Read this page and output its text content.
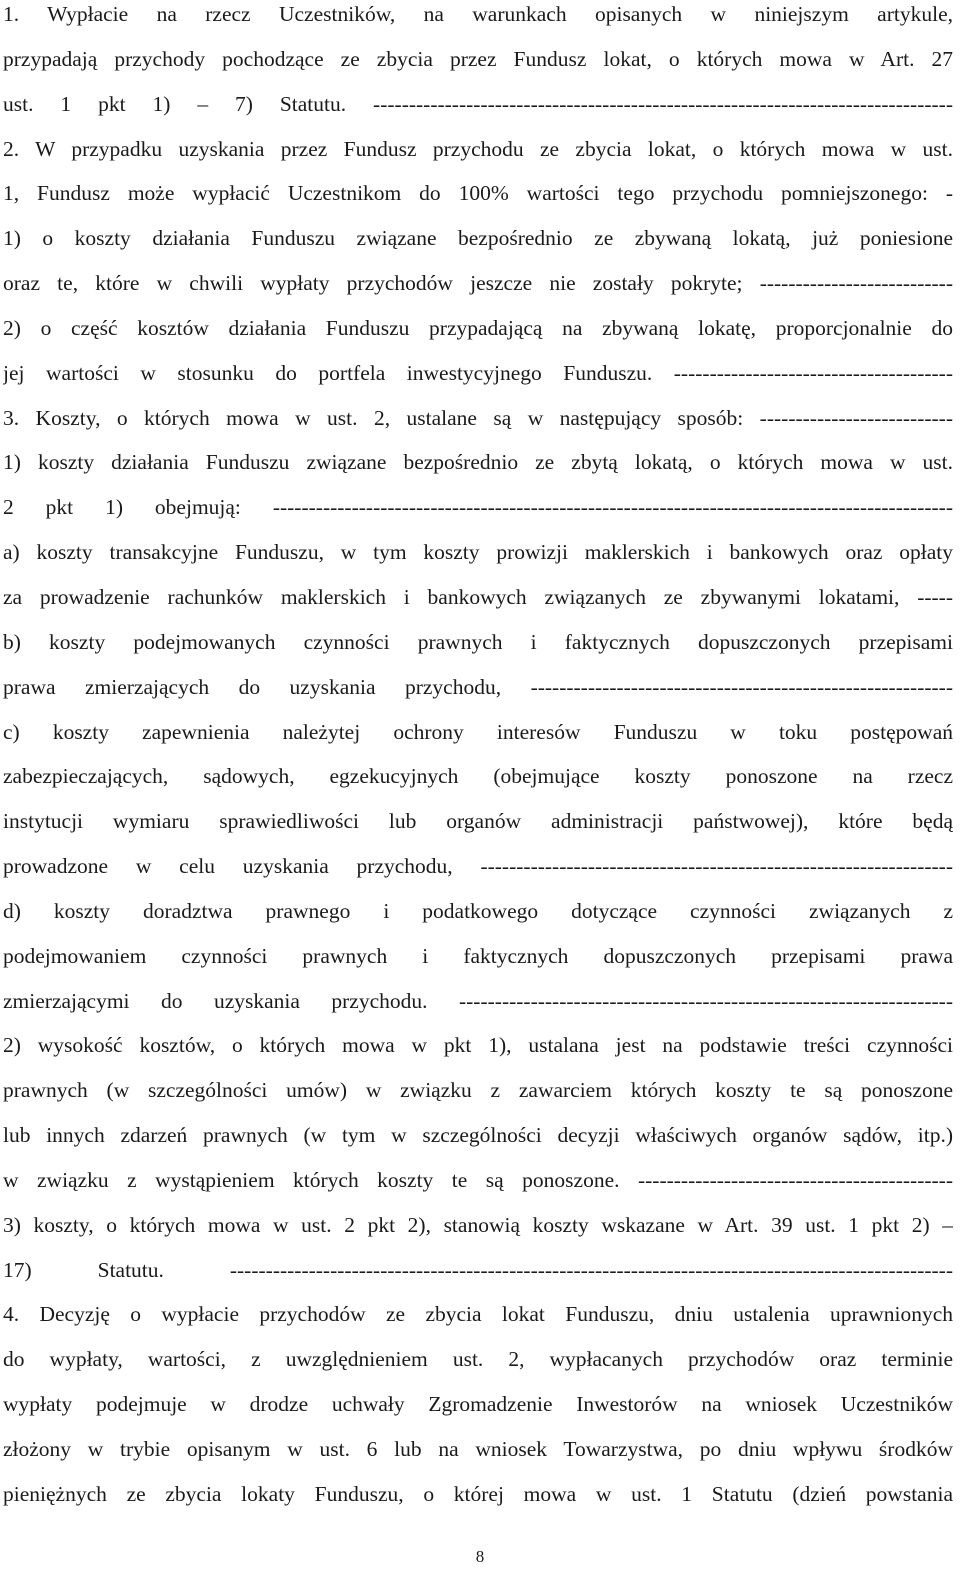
1. Wypłacie na rzecz Uczestników, na warunkach opisanych w niniejszym artykule,
przypadają przychody pochodzące ze zbycia przez Fundusz lokat, o których mowa w Art. 27
ust. 1 pkt 1) – 7) Statutu. ---------------------------------------------------------------------------------
2. W przypadku uzyskania przez Fundusz przychodu ze zbycia lokat, o których mowa w ust.
1, Fundusz może wypłacić Uczestnikom do 100% wartości tego przychodu pomniejszonego: -
1) o koszty działania Funduszu związane bezpośrednio ze zbywaną lokatą, już poniesione
oraz te, które w chwili wypłaty przychodów jeszcze nie zostały pokryte; ---------------------------
2) o część kosztów działania Funduszu przypadającą na zbywaną lokatę, proporcjonalnie do
jej wartości w stosunku do portfela inwestycyjnego Funduszu. ---------------------------------------
3. Koszty, o których mowa w ust. 2, ustalane są w następujący sposób: ---------------------------
1) koszty działania Funduszu związane bezpośrednio ze zbytą lokatą, o których mowa w ust.
2 pkt 1) obejmują: -----------------------------------------------------------------------------------------------
a) koszty transakcyjne Funduszu, w tym koszty prowizji maklerskich i bankowych oraz opłaty
za prowadzenie rachunków maklerskich i bankowych związanych ze zbywanymi lokatami, -----
b) koszty podejmowanych czynności prawnych i faktycznych dopuszczonych przepisami
prawa zmierzających do uzyskania przychodu, -----------------------------------------------------------
c) koszty zapewnienia należytej ochrony interesów Funduszu w toku postępowań
zabezpieczających, sądowych, egzekucyjnych (obejmujące koszty ponoszone na rzecz
instytucji wymiaru sprawiedliwości lub organów administracji państwowej), które będą
prowadzone w celu uzyskania przychodu, ------------------------------------------------------------------
d) koszty doradztwa prawnego i podatkowego dotyczące czynności związanych z
podejmowaniem czynności prawnych i faktycznych dopuszczonych przepisami prawa
zmierzającymi do uzyskania przychodu. ---------------------------------------------------------------------
2) wysokość kosztów, o których mowa w pkt 1), ustalana jest na podstawie treści czynności
prawnych (w szczególności umów) w związku z zawarciem których koszty te są ponoszone
lub innych zdarzeń prawnych (w tym w szczególności decyzji właściwych organów sądów, itp.)
w związku z wystąpieniem których koszty te są ponoszone. --------------------------------------------
3) koszty, o których mowa w ust. 2 pkt 2), stanowią koszty wskazane w Art. 39 ust. 1 pkt 2) –
17) Statutu. -----------------------------------------------------------------------------------------------------
4. Decyzję o wypłacie przychodów ze zbycia lokat Funduszu, dniu ustalenia uprawnionych
do wypłaty, wartości, z uwzględnieniem ust. 2, wypłacanych przychodów oraz terminie
wypłaty podejmuje w drodze uchwały Zgromadzenie Inwestorów na wniosek Uczestników
złożony w trybie opisanym w ust. 6 lub na wniosek Towarzystwa, po dniu wpływu środków
pieniężnych ze zbycia lokaty Funduszu, o której mowa w ust. 1 Statutu (dzień powstania
8
